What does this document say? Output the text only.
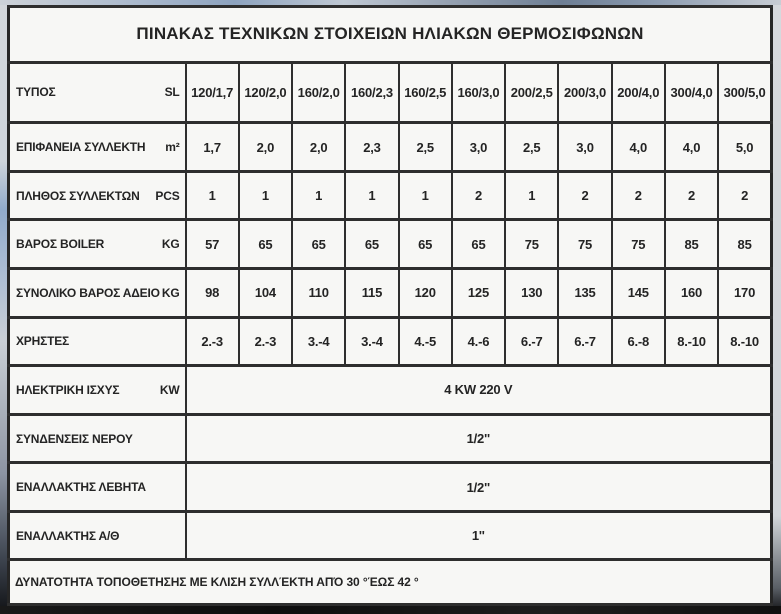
ΠΙΝΑΚΑΣ ΤΕΧΝΙΚΩΝ ΣΤΟΙΧΕΙΩΝ ΗΛΙΑΚΩΝ ΘΕΡΜΟΣΙΦΩΝΩΝ											

ΤΥΠΟΣ SL	120/1,7	120/2,0	160/2,0	160/2,3	160/2,5	160/3,0	200/2,5	200/3,0	200/4,0	300/4,0	300/5,0

ΕΠΙΦΑΝΕΙΑ ΣΥΛΛΕΚΤΗ m²	1,7	2,0	2,0	2,3	2,5	3,0	2,5	3,0	4,0	4,0	5,0

ΠΛΗΘΟΣ ΣΥΛΛΕΚΤΩΝ PCS	1	1	1	1	1	2	1	2	2	2	2

ΒΑΡΟΣ BOILER KG	57	65	65	65	65	65	75	75	75	85	85

ΣΥΝΟΛΙΚΟ ΒΑΡΟΣ ΑΔΕΙΟ KG	98	104	110	115	120	125	130	135	145	160	170

ΧΡΗΣΤΕΣ	2.-3	2.-3	3.-4	3.-4	4.-5	4.-6	6.-7	6.-7	6.-8	8.-10	8.-10

ΗΛΕΚΤΡΙΚΗ ΙΣΧΥΣ KW	4 KW 220 V										

ΣΥΝΔΕΝΣΕΙΣ ΝΕΡΟΥ	1/2''										

ΕΝΑΛΛΑΚΤΗΣ ΛΕΒΗΤΑ	1/2''										

ΕΝΑΛΛΑΚΤΗΣ Α/Θ	1''										
ΔΥΝΑΤΟΤΗΤΑ ΤΟΠΟΘΕΤΗΣΗΣ ΜΕ ΚΛΙΣΗ ΣΥΛΛΈΚΤΗ ΑΠΌ 30 °ΈΩΣ 42 °											
